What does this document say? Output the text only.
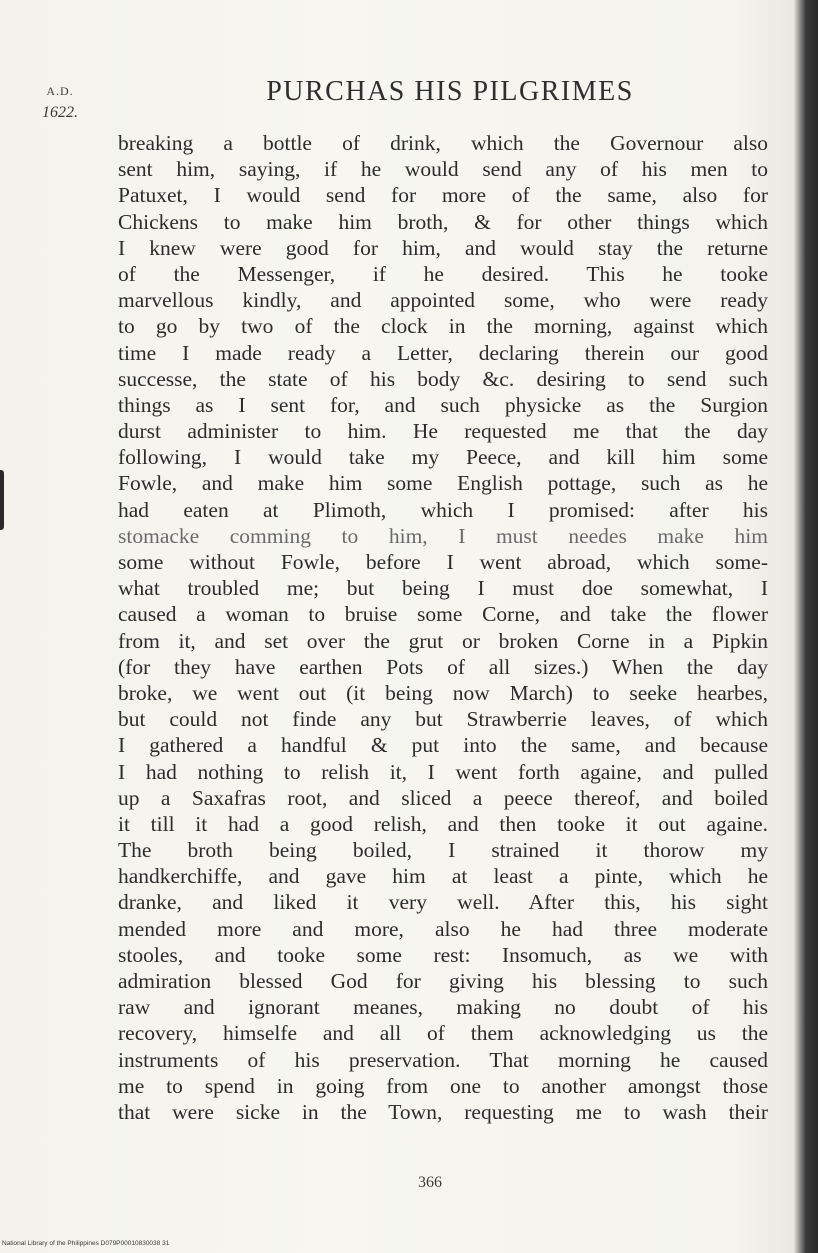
A.D.
1622.
PURCHAS HIS PILGRIMES
breaking a bottle of drink, which the Governour also
sent him, saying, if he would send any of his men to
Patuxet, I would send for more of the same, also for
Chickens to make him broth, & for other things which
I knew were good for him, and would stay the returne
of the Messenger, if he desired. This he tooke
marvellous kindly, and appointed some, who were ready
to go by two of the clock in the morning, against which
time I made ready a Letter, declaring therein our good
successe, the state of his body &c. desiring to send such
things as I sent for, and such physicke as the Surgion
durst administer to him. He requested me that the day
following, I would take my Peece, and kill him some
Fowle, and make him some English pottage, such as he
had eaten at Plimoth, which I promised: after his
stomacke comming to him, I must needes make him
some without Fowle, before I went abroad, which some-
what troubled me; but being I must doe somewhat, I
caused a woman to bruise some Corne, and take the flower
from it, and set over the grut or broken Corne in a Pipkin
(for they have earthen Pots of all sizes.) When the day
broke, we went out (it being now March) to seeke hearbes,
but could not finde any but Strawberrie leaves, of which
I gathered a handful & put into the same, and because
I had nothing to relish it, I went forth againe, and pulled
up a Saxafras root, and sliced a peece thereof, and boiled
it till it had a good relish, and then tooke it out againe.
The broth being boiled, I strained it thorow my
handkerchiffe, and gave him at least a pinte, which he
dranke, and liked it very well. After this, his sight
mended more and more, also he had three moderate
stooles, and tooke some rest: Insomuch, as we with
admiration blessed God for giving his blessing to such
raw and ignorant meanes, making no doubt of his
recovery, himselfe and all of them acknowledging us the
instruments of his preservation. That morning he caused
me to spend in going from one to another amongst those
that were sicke in the Town, requesting me to wash their
366
National Library of the Philippines D079P00010830038 31
